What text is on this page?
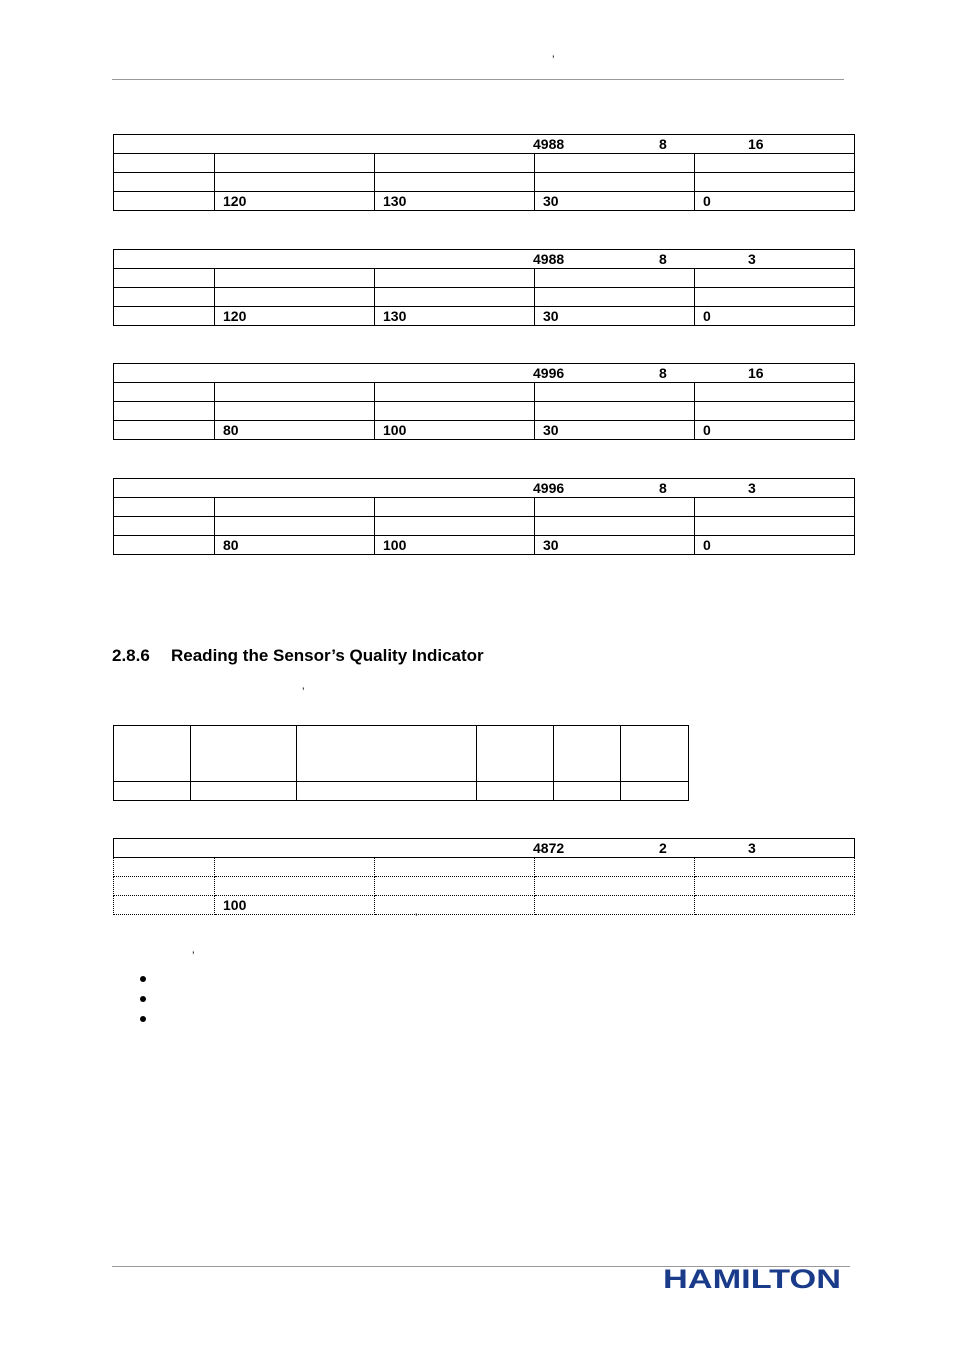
’
4988 8 16				

	120	130	30	0
4988 8 3				

	120	130	30	0
4996 8 16				

	80	100	30	0
4996 8 3				

	80	100	30	0
2.8.6 Reading the Sensor’s Quality Indicator
’

4872 2 3				

	100			
’
’
HAMILTON
